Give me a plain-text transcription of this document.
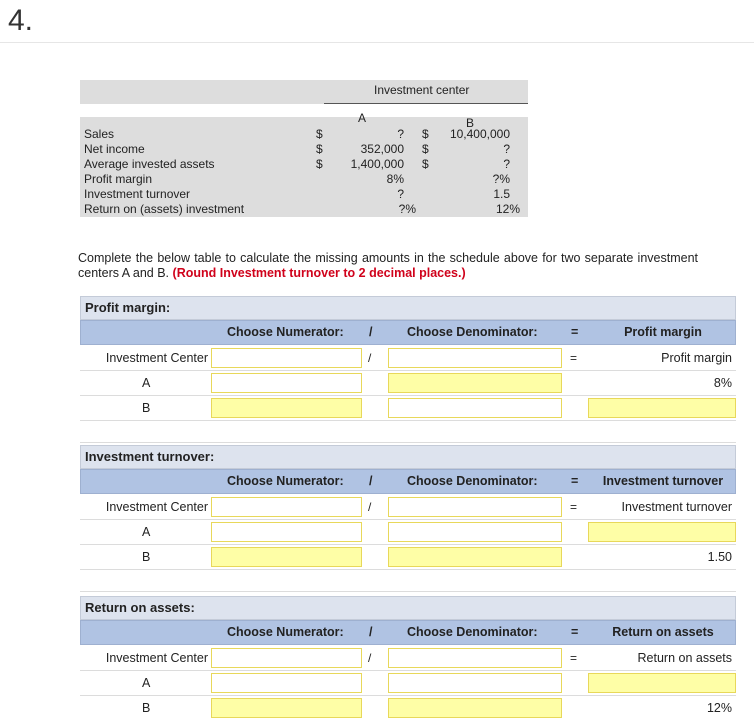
4.
Investment center
A	B
Sales	$	? $	10,400,000
Net income	$	352,000 $	?
Average invested assets	$	1,400,000 $	?
Profit margin	8%	?%
Investment turnover	?	1.5
Return on (assets) investment	?%	12%
Complete the below table to calculate the missing amounts in the schedule above for two separate investment centers A and B. (Round Investment turnover to 2 decimal places.)
Profit margin:
Choose Numerator: /	Choose Denominator:	=	Profit margin
Investment Center	/	=	Profit margin
A	8%
B
Investment turnover:
Choose Numerator: /	Choose Denominator:	=	Investment turnover
Investment Center	/	=	Investment turnover
A
B	1.50
Return on assets:
Choose Numerator: /	Choose Denominator:	=	Return on assets
Investment Center	/	=	Return on assets
A
B	12%
